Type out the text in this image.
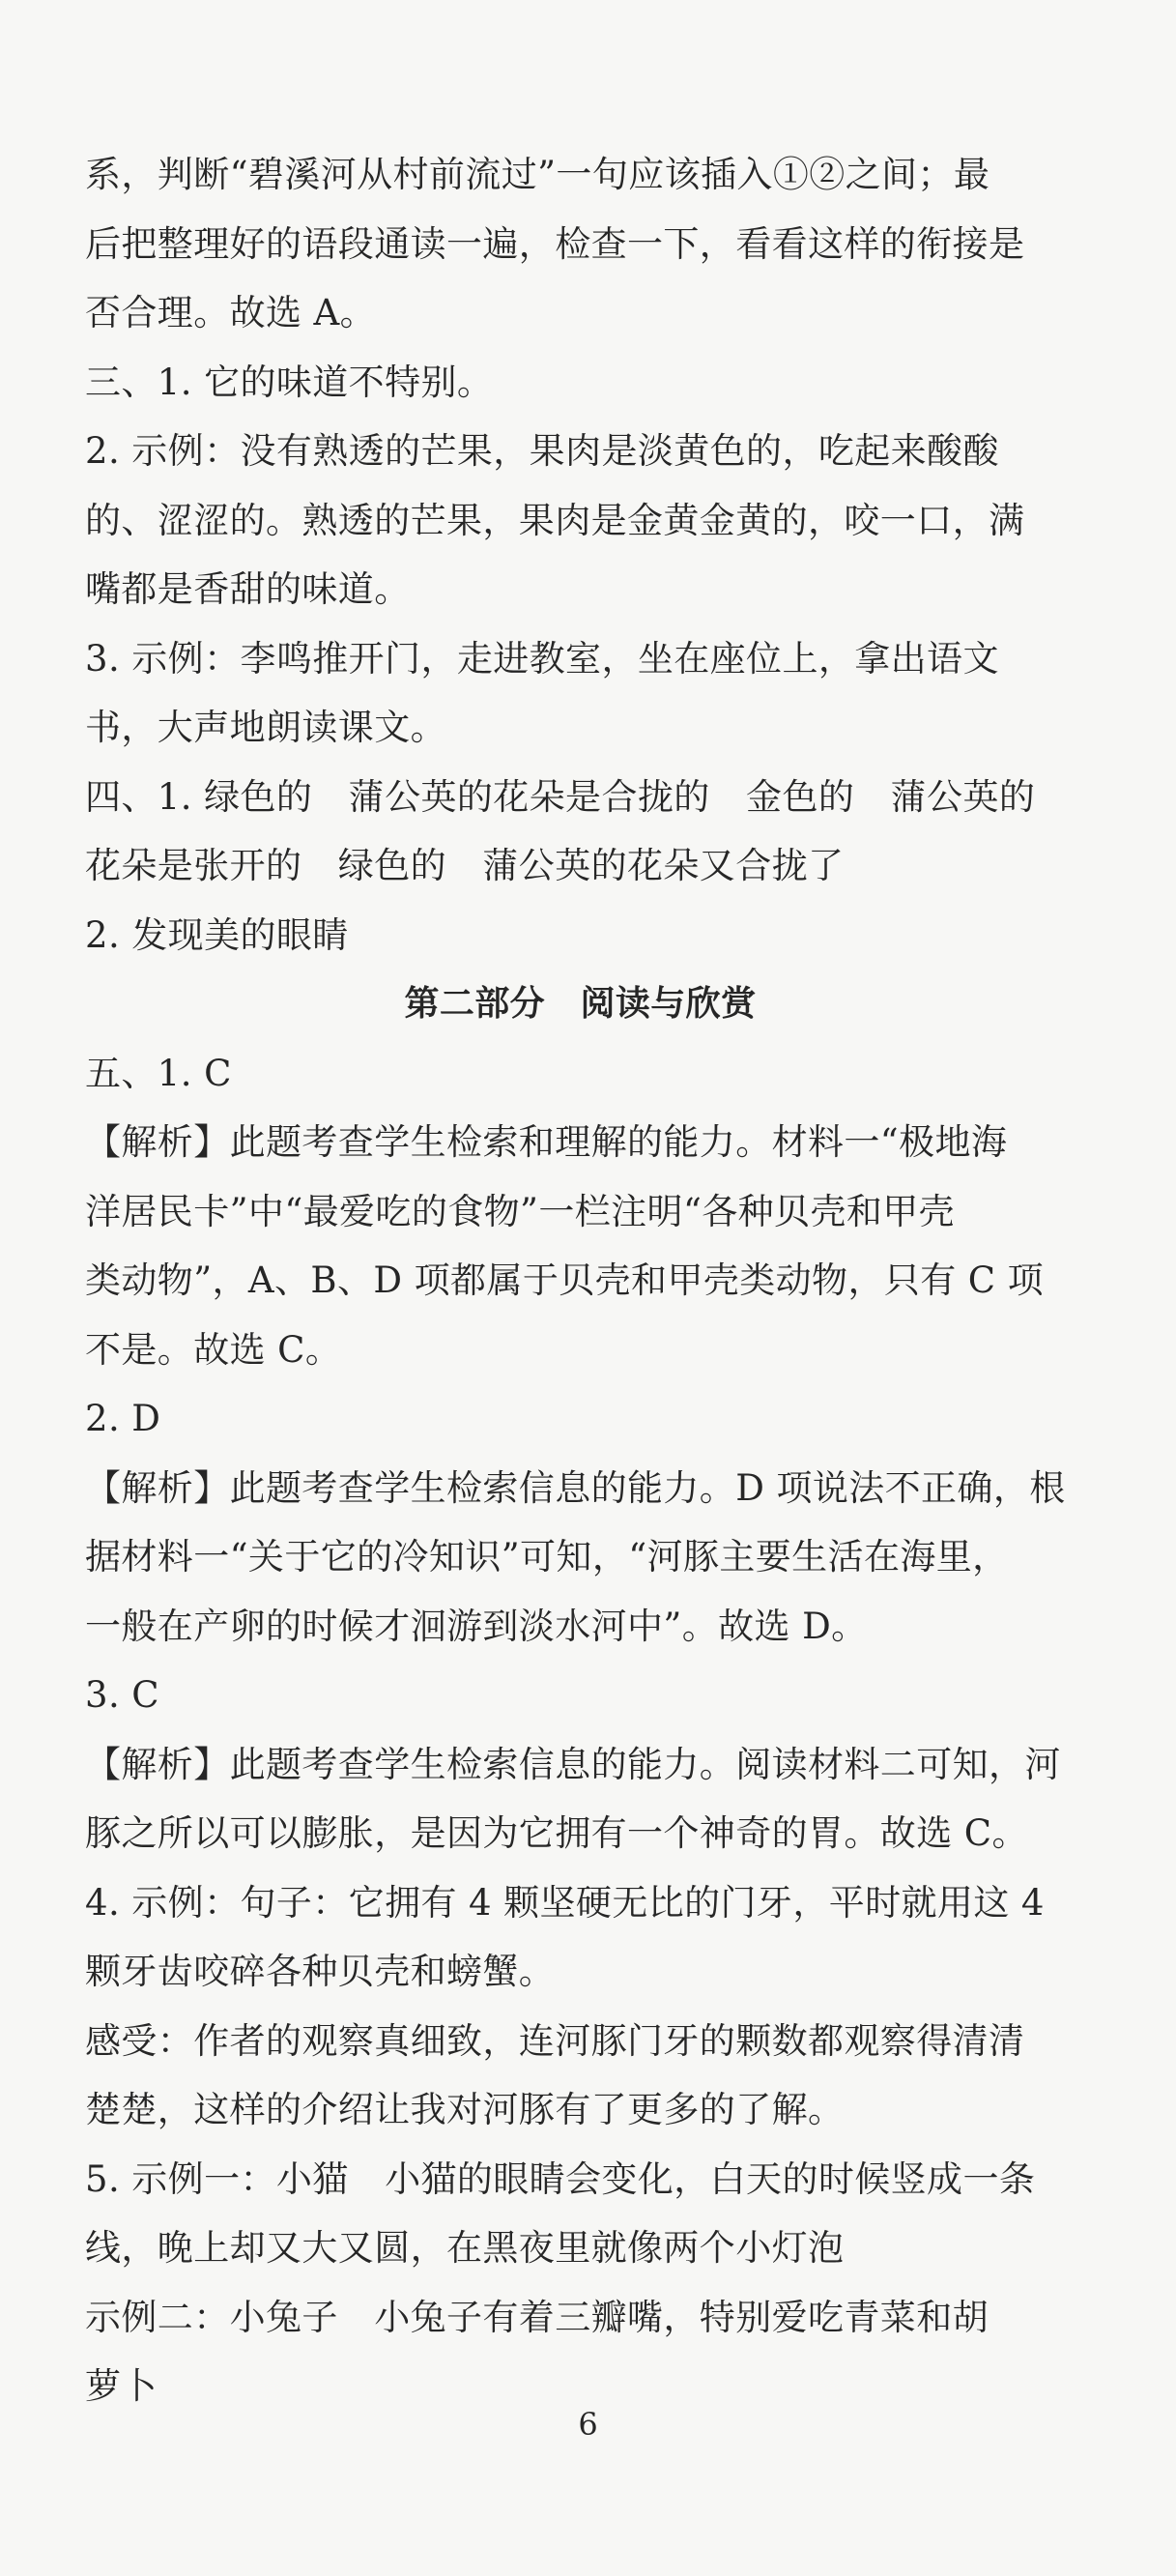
系，判断“碧溪河从村前流过”一句应该插入①②之间；最
后把整理好的语段通读一遍，检查一下，看看这样的衔接是
否合理。故选 A。
三、1. 它的味道不特别。
2. 示例：没有熟透的芒果，果肉是淡黄色的，吃起来酸酸
的、涩涩的。熟透的芒果，果肉是金黄金黄的，咬一口，满
嘴都是香甜的味道。
3. 示例：李鸣推开门，走进教室，坐在座位上，拿出语文
书，大声地朗读课文。
四、1. 绿色的　蒲公英的花朵是合拢的　金色的　蒲公英的
花朵是张开的　绿色的　蒲公英的花朵又合拢了
2. 发现美的眼睛
第二部分　阅读与欣赏
五、1. C
【解析】此题考查学生检索和理解的能力。材料一“极地海
洋居民卡”中“最爱吃的食物”一栏注明“各种贝壳和甲壳
类动物”，A、B、D 项都属于贝壳和甲壳类动物，只有 C 项
不是。故选 C。
2. D
【解析】此题考查学生检索信息的能力。D 项说法不正确，根
据材料一“关于它的冷知识”可知，“河豚主要生活在海里，
一般在产卵的时候才洄游到淡水河中”。故选 D。
3. C
【解析】此题考查学生检索信息的能力。阅读材料二可知，河
豚之所以可以膨胀，是因为它拥有一个神奇的胃。故选 C。
4. 示例：句子：它拥有 4 颗坚硬无比的门牙，平时就用这 4
颗牙齿咬碎各种贝壳和螃蟹。
感受：作者的观察真细致，连河豚门牙的颗数都观察得清清
楚楚，这样的介绍让我对河豚有了更多的了解。
5. 示例一：小猫　小猫的眼睛会变化，白天的时候竖成一条
线，晚上却又大又圆，在黑夜里就像两个小灯泡
示例二：小兔子　小兔子有着三瓣嘴，特别爱吃青菜和胡
萝卜
6
